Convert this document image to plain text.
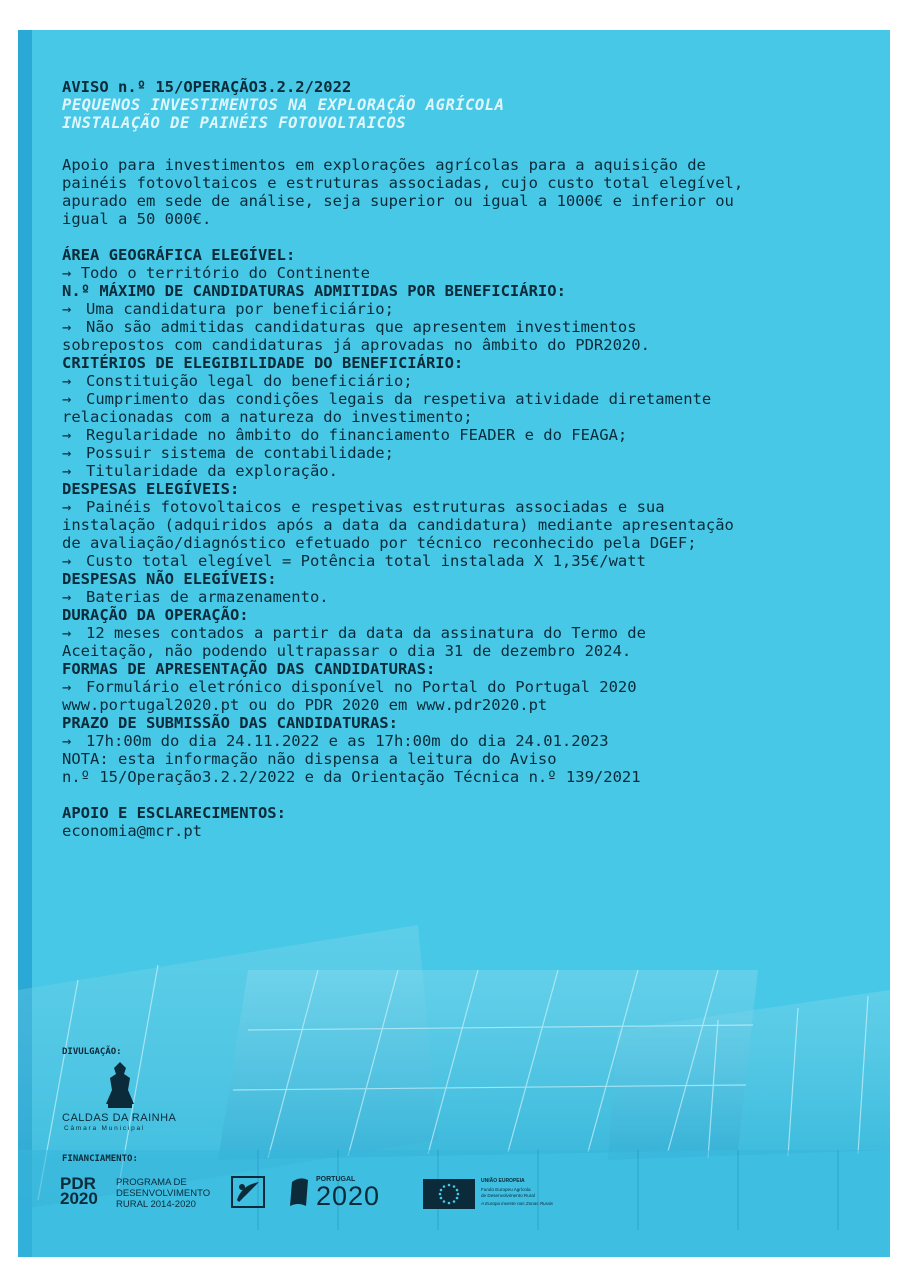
AVISO n.º 15/OPERAÇÃO3.2.2/2022
PEQUENOS INVESTIMENTOS NA EXPLORAÇÃO AGRÍCOLA
INSTALAÇÃO DE PAINÉIS FOTOVOLTAICOS
Apoio para investimentos em explorações agrícolas para a aquisição de
painéis fotovoltaicos e estruturas associadas, cujo custo total elegível,
apurado em sede de análise, seja superior ou igual a 1000€ e inferior ou
igual a 50 000€.
ÁREA GEOGRÁFICA ELEGÍVEL:
→ Todo o território do Continente
N.º MÁXIMO DE CANDIDATURAS ADMITIDAS POR BENEFICIÁRIO:
→ Uma candidatura por beneficiário;
→ Não são admitidas candidaturas que apresentem investimentos
sobrepostos com candidaturas já aprovadas no âmbito do PDR2020.
CRITÉRIOS DE ELEGIBILIDADE DO BENEFICIÁRIO:
→ Constituição legal do beneficiário;
→ Cumprimento das condições legais da respetiva atividade diretamente
relacionadas com a natureza do investimento;
→ Regularidade no âmbito do financiamento FEADER e do FEAGA;
→ Possuir sistema de contabilidade;
→ Titularidade da exploração.
DESPESAS ELEGÍVEIS:
→ Painéis fotovoltaicos e respetivas estruturas associadas e sua
instalação (adquiridos após a data da candidatura) mediante apresentação
de avaliação/diagnóstico efetuado por técnico reconhecido pela DGEF;
→ Custo total elegível = Potência total instalada X 1,35€/watt
DESPESAS NÃO ELEGÍVEIS:
→ Baterias de armazenamento.
DURAÇÃO DA OPERAÇÃO:
→ 12 meses contados a partir da data da assinatura do Termo de
Aceitação, não podendo ultrapassar o dia 31 de dezembro 2024.
FORMAS DE APRESENTAÇÃO DAS CANDIDATURAS:
→ Formulário eletrónico disponível no Portal do Portugal 2020
www.portugal2020.pt ou do PDR 2020 em www.pdr2020.pt
PRAZO DE SUBMISSÃO DAS CANDIDATURAS:
→ 17h:00m do dia 24.11.2022 e as 17h:00m do dia 24.01.2023
NOTA: esta informação não dispensa a leitura do Aviso
n.º 15/Operação3.2.2/2022 e da Orientação Técnica n.º 139/2021
APOIO E ESCLARECIMENTOS:
economia@mcr.pt
DIVULGAÇÃO:
CALDAS DA RAINHA
Câmara Municipal
FINANCIAMENTO:
PDR
2020
PROGRAMA DE
DESENVOLVIMENTO
RURAL 2014-2020
PORTUGAL
2020	UNIÃO EUROPEIA
Fundo Europeu Agrícola
de Desenvolvimento Rural
A Europa investe nas Zonas Rurais
